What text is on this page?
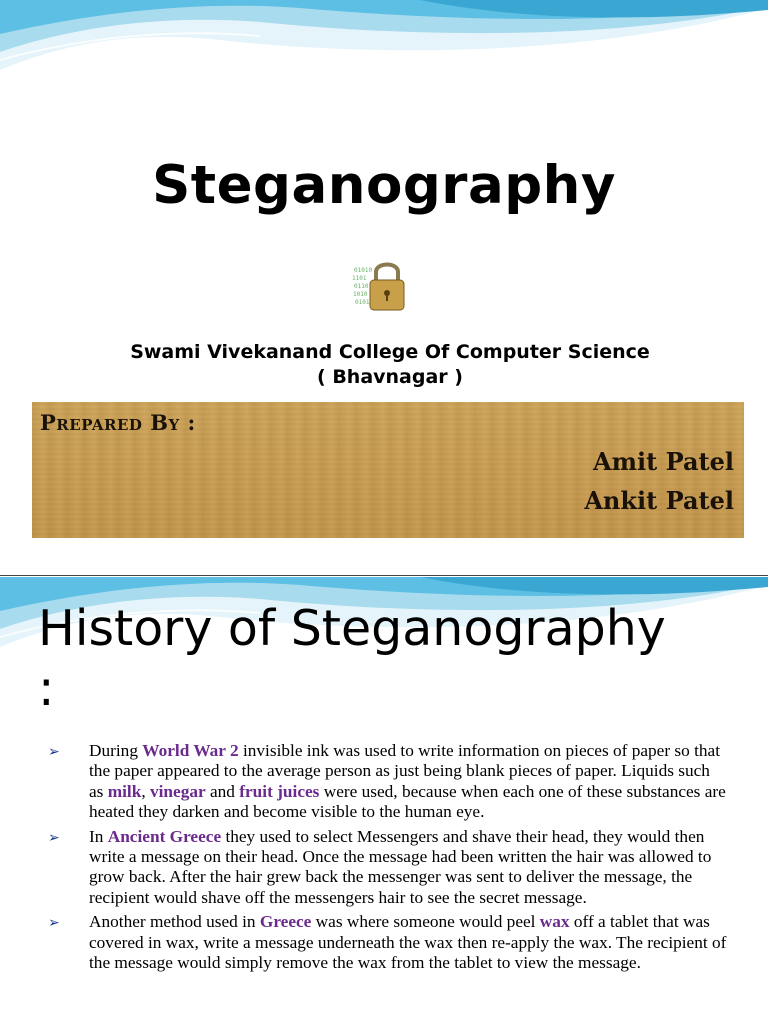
Steganography
01010
1101
0110
1010
0101
Swami Vivekanand College Of Computer Science
( Bhavnagar )
Prepared By :
Amit Patel
Ankit Patel
History of Steganography
:
➢ During World War 2 invisible ink was used to write information on pieces of paper so that the paper appeared to the average person as just being blank pieces of paper. Liquids such as milk, vinegar and fruit juices were used, because when each one of these substances are heated they darken and become visible to the human eye.
➢ In Ancient Greece they used to select Messengers and shave their head, they would then write a message on their head. Once the message had been written the hair was allowed to grow back. After the hair grew back the messenger was sent to deliver the message, the recipient would shave off the messengers hair to see the secret message.
➢ Another method used in Greece was where someone would peel wax off a tablet that was covered in wax, write a message underneath the wax then re-apply the wax. The recipient of the message would simply remove the wax from the tablet to view the message.
